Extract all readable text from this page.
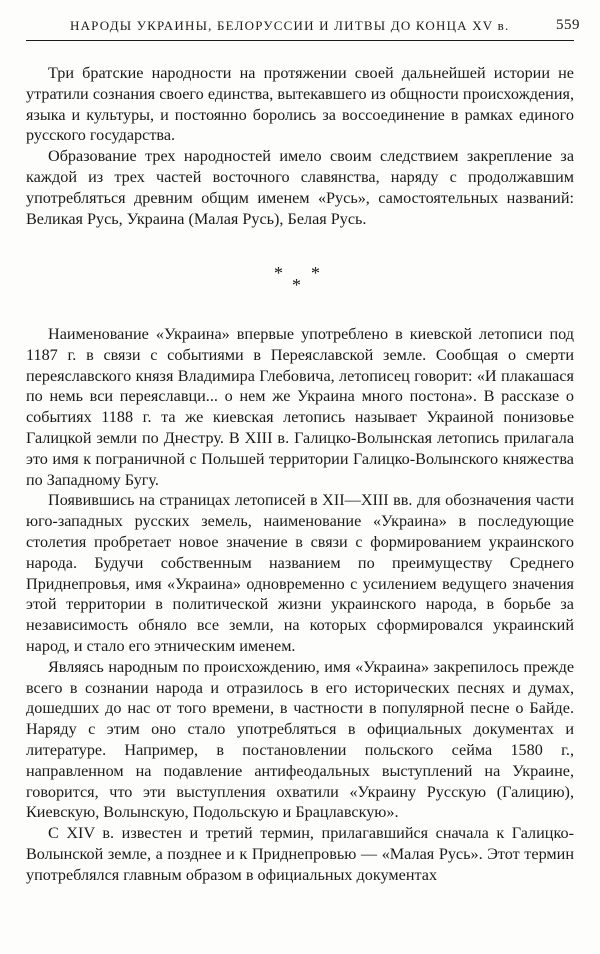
НАРОДЫ УКРАИНЫ, БЕЛОРУССИИ И ЛИТВЫ ДО КОНЦА XV в.	559

Три братские народности на протяжении своей дальнейшей истории не утратили сознания своего единства, вытекавшего из общности происхождения, языка и культуры, и постоянно боролись за воссоединение в рамках единого русского государства.

Образование трех народностей имело своим следствием закрепление за каждой из трех частей восточного славянства, наряду с продолжавшим употребляться древним общим именем «Русь», самостоятельных названий: Великая Русь, Украина (Малая Русь), Белая Русь.

*
*
*

Наименование «Украина» впервые употреблено в киевской летописи под 1187 г. в связи с событиями в Переяславской земле. Сообщая о смерти переяславского князя Владимира Глебовича, летописец говорит: «И плакашася по немь вси переяславци... о нем же Украина много постона». В рассказе о событиях 1188 г. та же киевская летопись называет Украиной понизовье Галицкой земли по Днестру. В XIII в. Галицко-Волынская летопись прилагала это имя к пограничной с Польшей территории Галицко-Волынского княжества по Западному Бугу.

Появившись на страницах летописей в XII—XIII вв. для обозначения части юго-западных русских земель, наименование «Украина» в последующие столетия пробретает новое значение в связи с формированием украинского народа. Будучи собственным названием по преимуществу Среднего Приднепровья, имя «Украина» одновременно с усилением ведущего значения этой территории в политической жизни украинского народа, в борьбе за независимость обняло все земли, на которых сформировался украинский народ, и стало его этническим именем.

Являясь народным по происхождению, имя «Украина» закрепилось прежде всего в сознании народа и отразилось в его исторических песнях и думах, дошедших до нас от того времени, в частности в популярной песне о Байде. Наряду с этим оно стало употребляться в официальных документах и литературе. Например, в постановлении польского сейма 1580 г., направленном на подавление антифеодальных выступлений на Украине, говорится, что эти выступления охватили «Украину Русскую (Галицию), Киевскую, Волынскую, Подольскую и Брацлавскую».

С XIV в. известен и третий термин, прилагавшийся сначала к Галицко-Волынской земле, а позднее и к Приднепровью — «Малая Русь». Этот термин употреблялся главным образом в официальных документах
